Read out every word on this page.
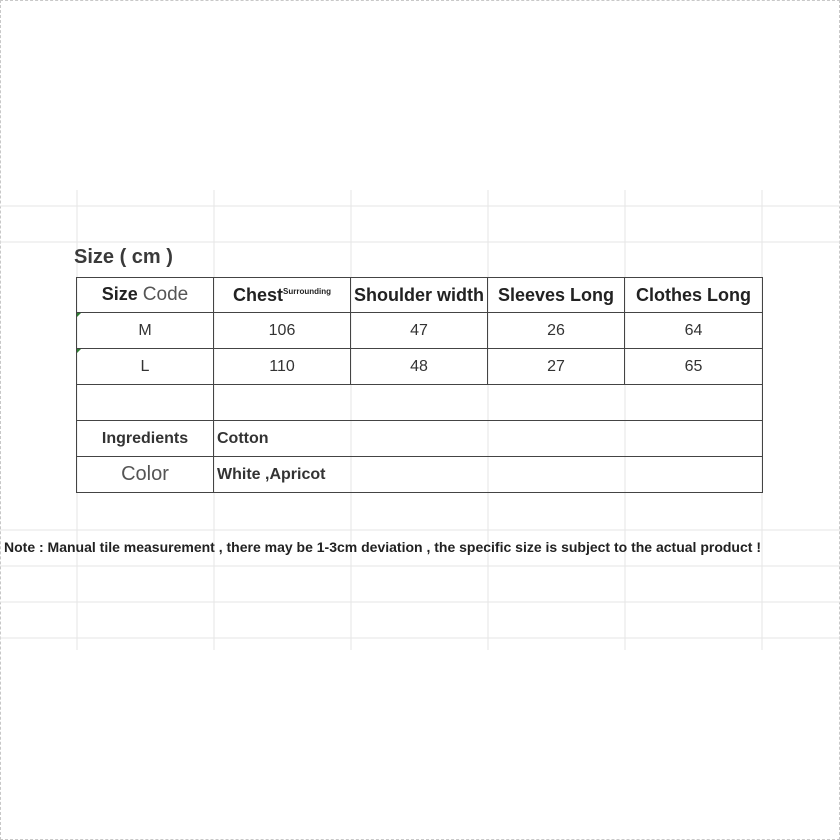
Size ( cm )
Size Code	Chest$^{Surrounding}$	Shoulder width	Sleeves Long	Clothes Long
M	106	47	26	64
L	110	48	27	65

Ingredients	Cotton			
Color	White ,Apricot			
Note : Manual tile measurement , there may be 1-3cm deviation , the specific size is subject to the actual product !
